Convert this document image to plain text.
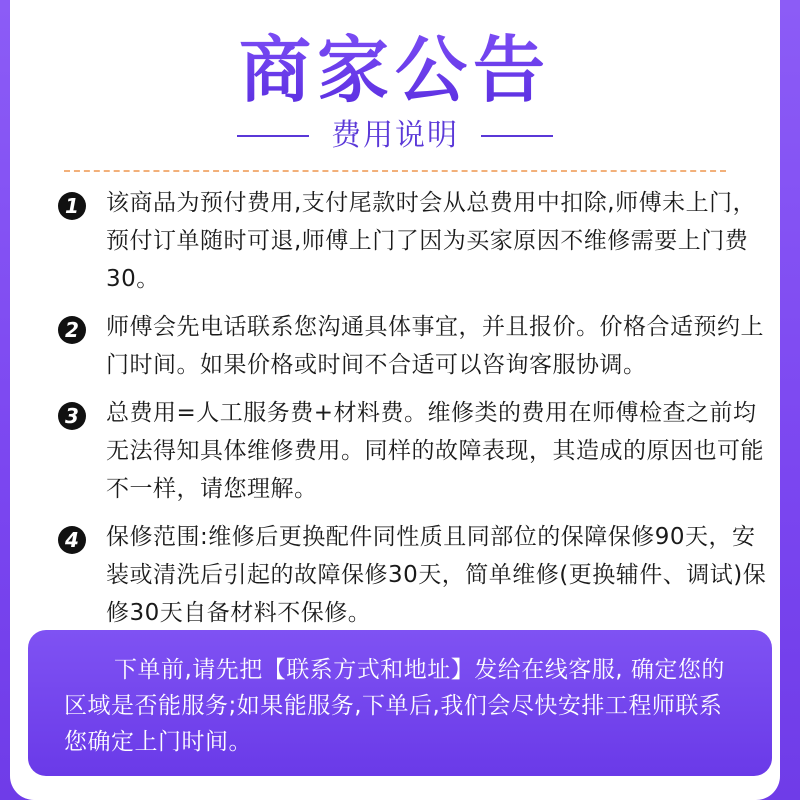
商家公告
费用说明
1	该商品为预付费用,支付尾款时会从总费用中扣除,师傅未上门，预付订单随时可退,师傅上门了因为买家原因不维修需要上门费30。
2	师傅会先电话联系您沟通具体事宜，并且报价。价格合适预约上门时间。如果价格或时间不合适可以咨询客服协调。
3	总费用=人工服务费+材料费。维修类的费用在师傅检查之前均无法得知具体维修费用。同样的故障表现，其造成的原因也可能不一样，请您理解。
4	保修范围:维修后更换配件同性质且同部位的保障保修90天，安装或清洗后引起的故障保修30天，简单维修(更换辅件、调试)保修30天自备材料不保修。
下单前,请先把【联系方式和地址】发给在线客服, 确定您的区域是否能服务;如果能服务,下单后,我们会尽快安排工程师联系您确定上门时间。
